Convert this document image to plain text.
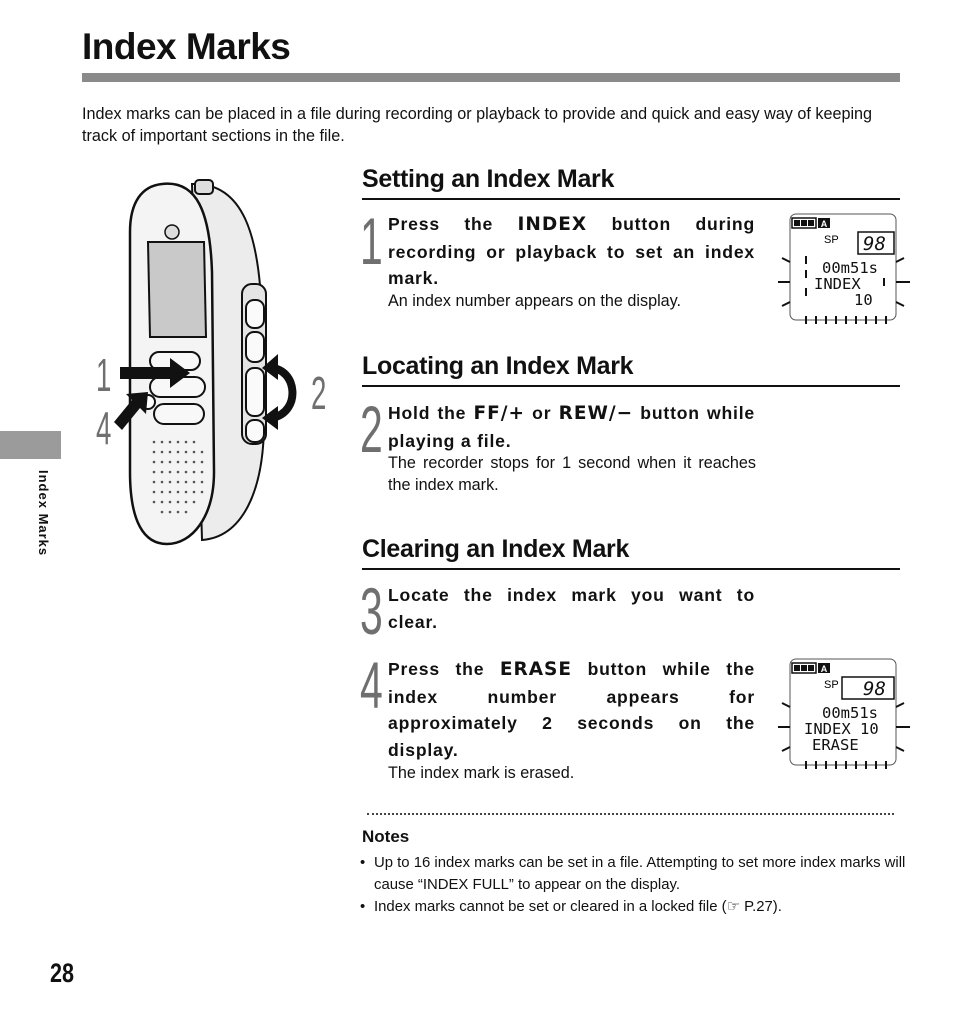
Index Marks
Index marks can be placed in a file during recording or playback to provide and quick and easy way of keeping track of important sections in the file.
Index Marks
1
4
2
Setting an Index Mark
1 Press the INDEX button during recording or playback to set an index mark.
An index number appears on the display.
A
SP 98
00m51s
INDEX
10
Locating an Index Mark
2 Hold the FF/+ or REW/− button while playing a file.
The recorder stops for 1 second when it reaches the index mark.
Clearing an Index Mark
3 Locate the index mark you want to clear.
4 Press the ERASE button while the index number appears for approximately 2 seconds on the display.
The index mark is erased.
A
SP 98
00m51s
INDEX 10
ERASE
Notes
• Up to 16 index marks can be set in a file. Attempting to set more index marks will cause “INDEX FULL” to appear on the display.
• Index marks cannot be set or cleared in a locked file (☞ P.27).
28
